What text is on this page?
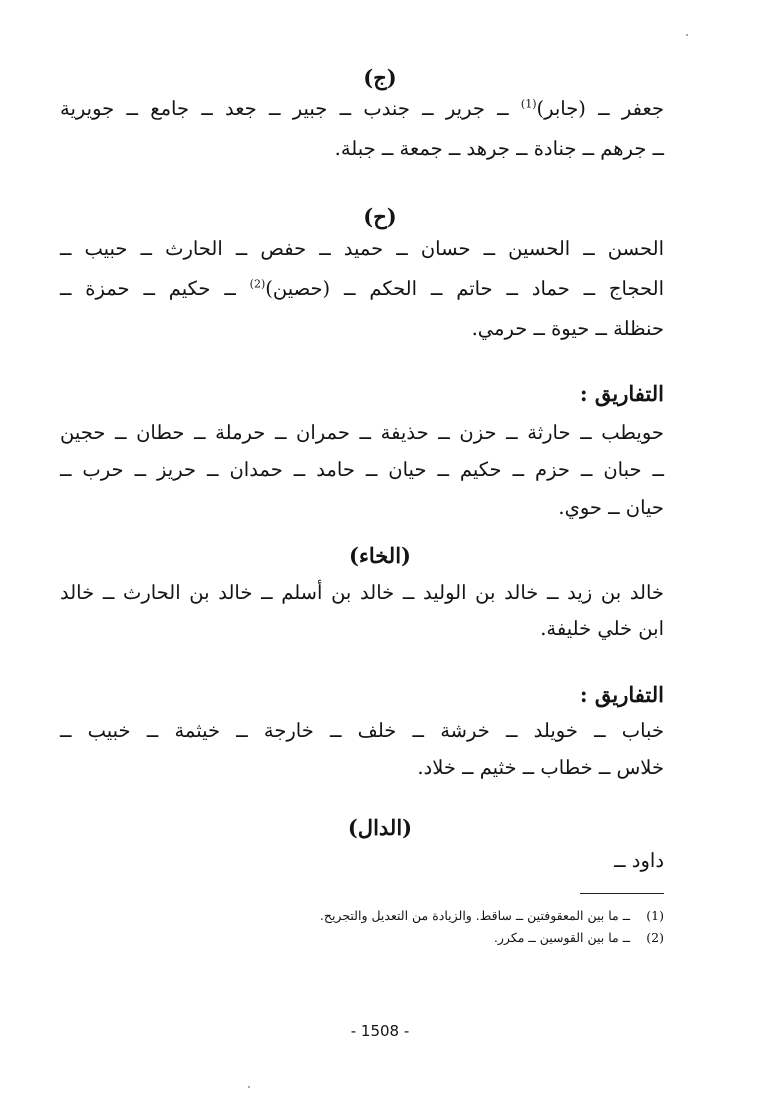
(ج)
جعفر ــ (جابر)$^{(1)}$ ــ جرير ــ جندب ــ جبير ــ جعد ــ جامع ــ جويرية
ــ جرهم ــ جنادة ــ جرهد ــ جمعة ــ جبلة.
(ح)
الحسن ــ الحسين ــ حسان ــ حميد ــ حفص ــ الحارث ــ حبيب ــ
الحجاج ــ حماد ــ حاتم ــ الحكم ــ (حصين)$^{(2)}$ ــ حكيم ــ حمزة ــ
حنظلة ــ حيوة ــ حرمي.
التفاريق :
حويطب ــ حارثة ــ حزن ــ حذيفة ــ حمران ــ حرملة ــ حطان ــ حجين
ــ حبان ــ حزم ــ حكيم ــ حيان ــ حامد ــ حمدان ــ حريز ــ حرب ــ
حيان ــ حوي.
(الخاء)
خالد بن زيد ــ خالد بن الوليد ــ خالد بن أسلم ــ خالد بن الحارث ــ خالد
ابن خلي خليفة.
التفاريق :
خباب ــ خويلد ــ خرشة ــ خلف ــ خارجة ــ خيثمة ــ خبيب ــ
خلاس ــ خطاب ــ خثيم ــ خلاد.
(الدال)
داود ــ
(1)  ــ ما بين المعقوفتين ــ ساقط. والزيادة من التعديل والتجريح.
(2)  ــ ما بين القوسين ــ مكرر.
- 1508 -
